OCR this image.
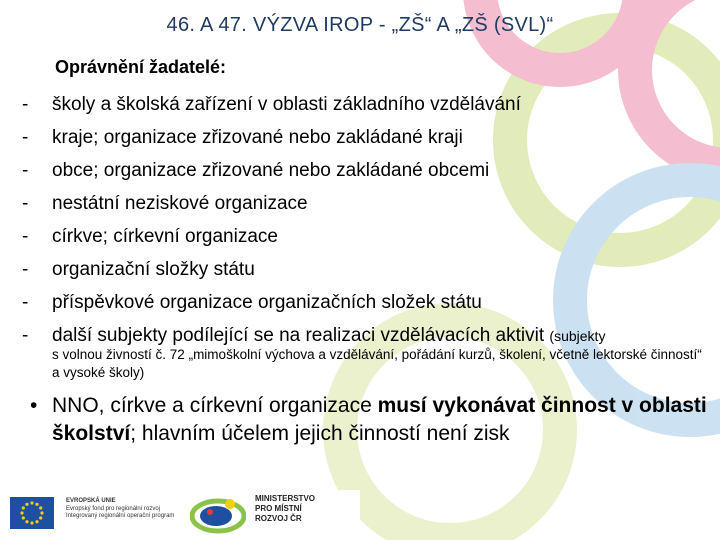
46. A 47. VÝZVA IROP - „ZŠ“ A „ZŠ (SVL)“
Oprávnění žadatelé:
- školy a školská zařízení v oblasti základního vzdělávání
- kraje; organizace zřizované nebo zakládané kraji
- obce; organizace zřizované nebo zakládané obcemi
- nestátní neziskové organizace
- církve; církevní organizace
- organizační složky státu
- příspěvkové organizace organizačních složek státu
- další subjekty podílející se na realizaci vzdělávacích aktivit (subjekty
s volnou živností č. 72 „mimoškolní výchova a vzdělávání, pořádání kurzů, školení, včetně lektorské činností“ a vysoké školy)
• NNO, církve a církevní organizace musí vykonávat činnost v oblasti školství; hlavním účelem jejich činností není zisk
EVROPSKÁ UNIE
Evropský fond pro regionální rozvoj
Integrovaný regionální operační program
MINISTERSTVO
PRO MÍSTNÍ
ROZVOJ ČR
